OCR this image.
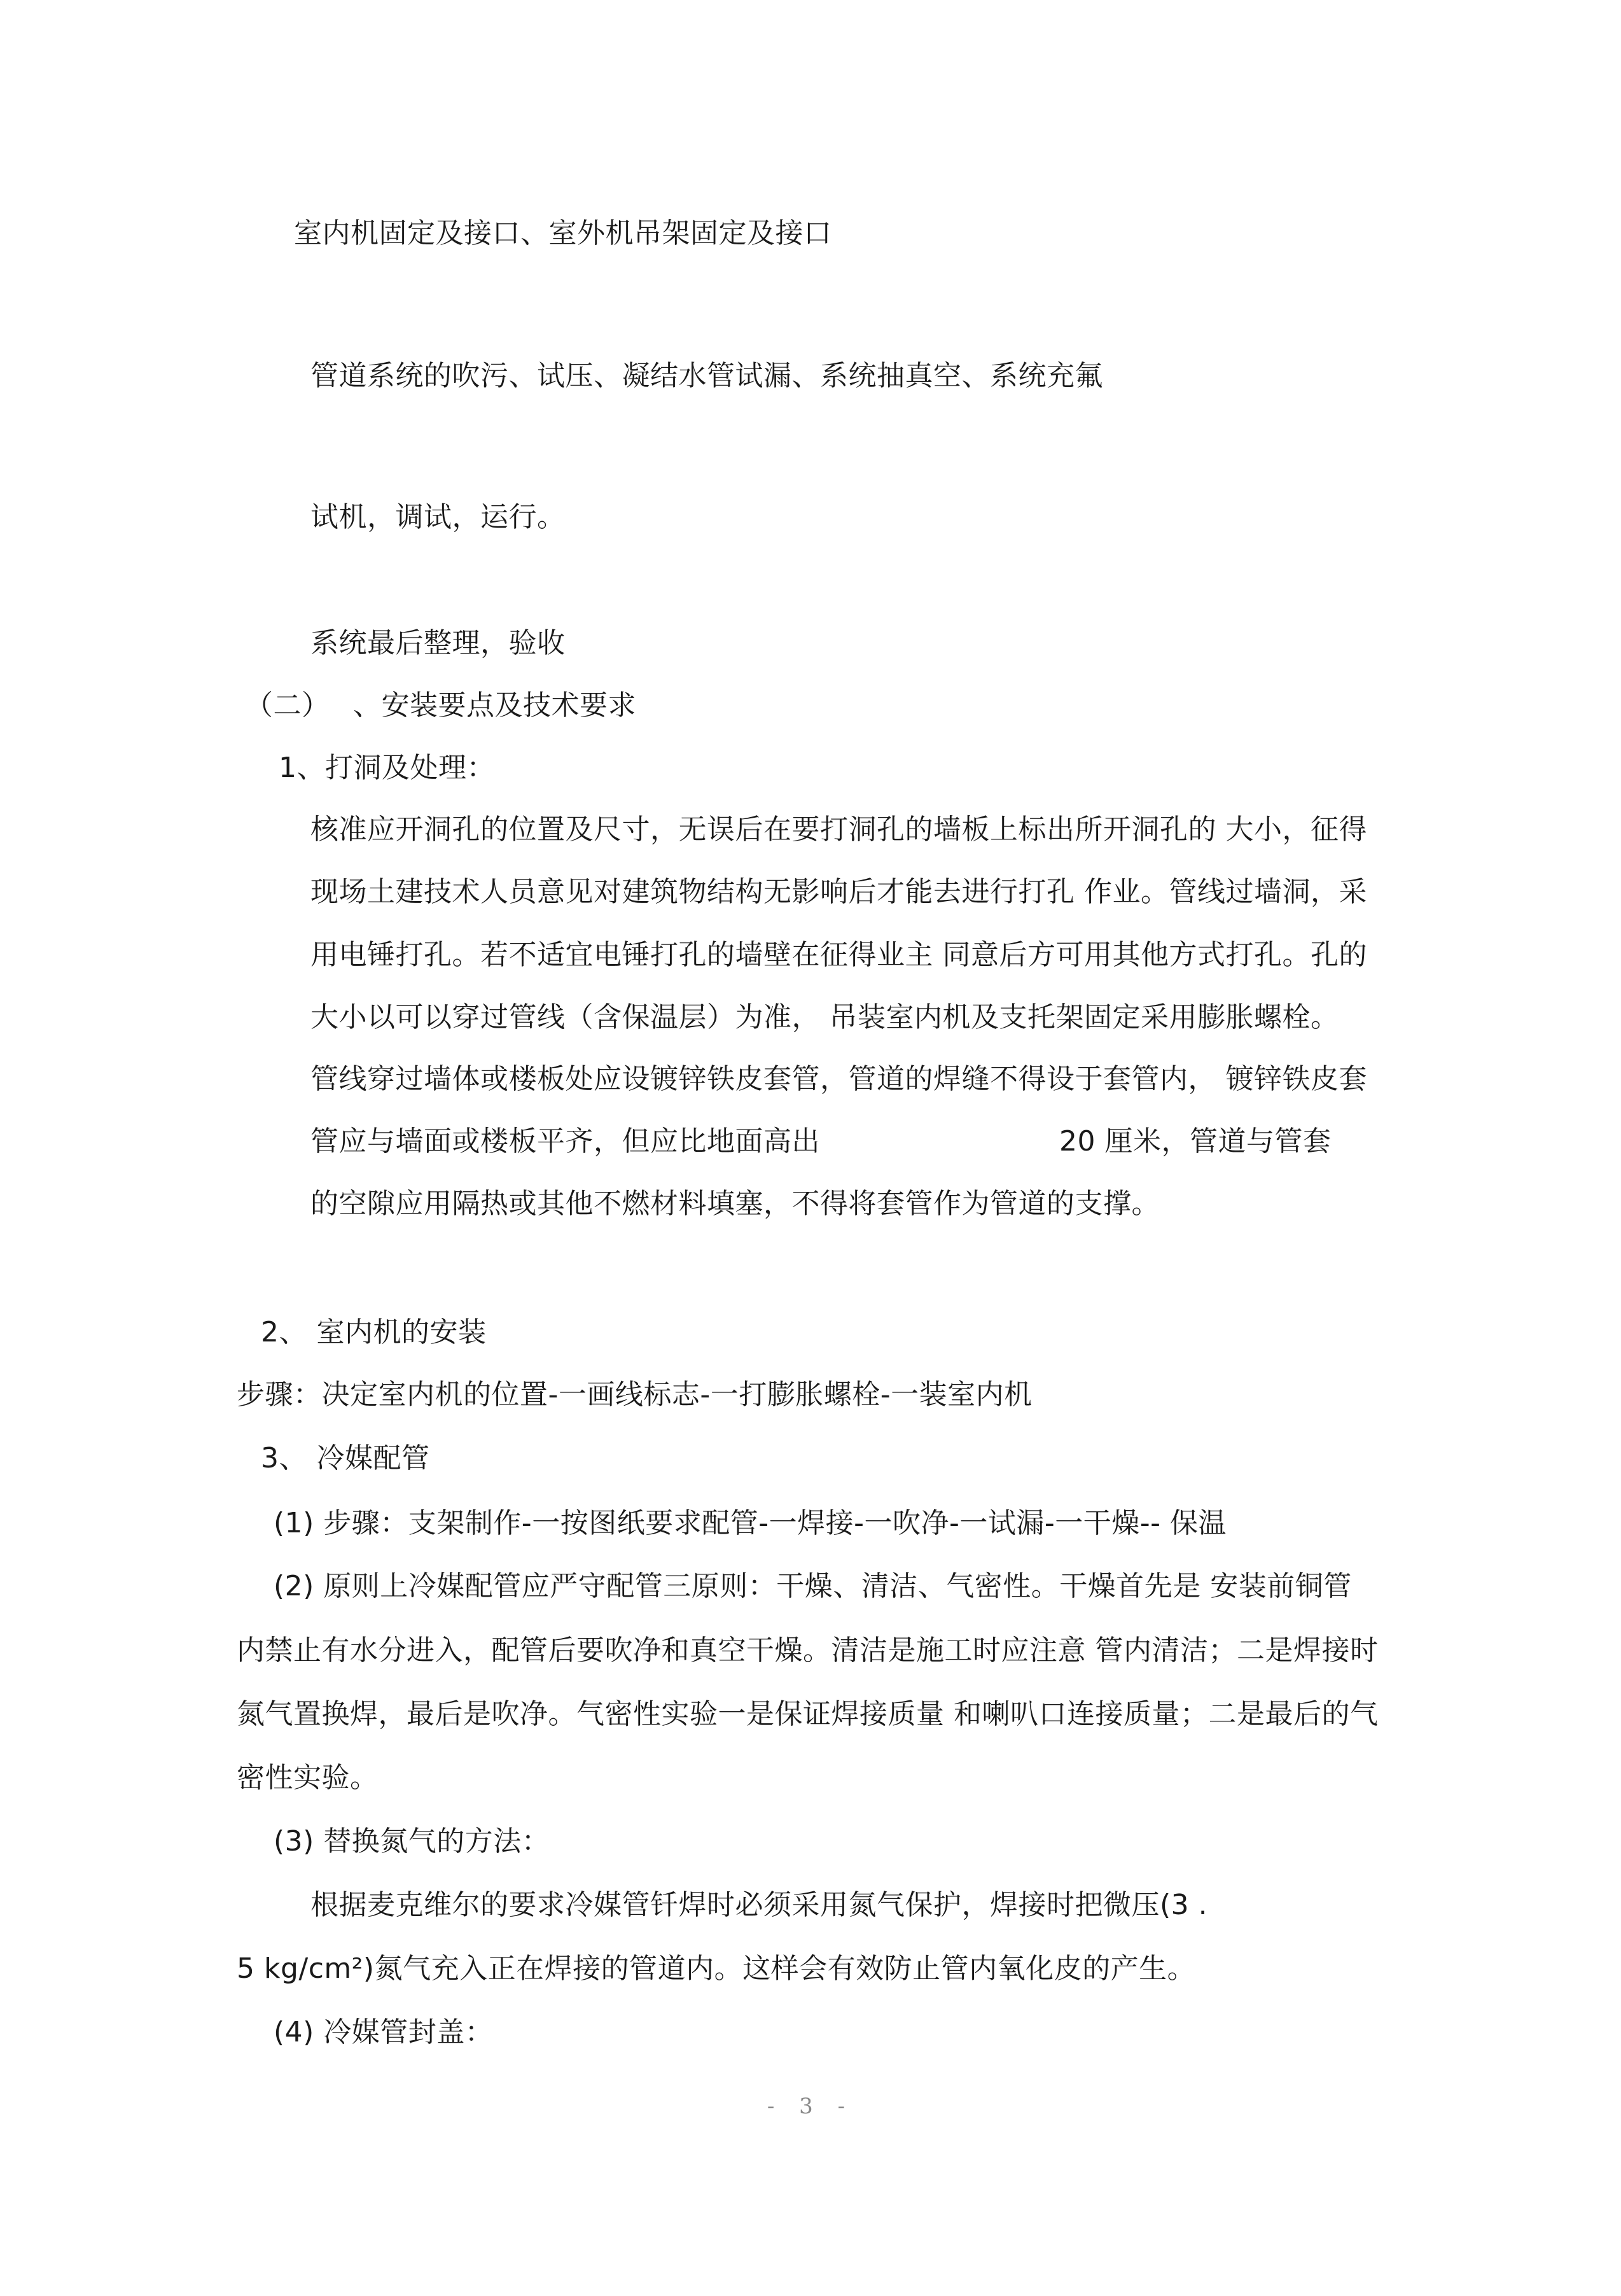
室内机固定及接口、室外机吊架固定及接口
管道系统的吹污、试压、凝结水管试漏、系统抽真空、系统充氟
试机，调试，运行。
系统最后整理，验收
（二） 、安装要点及技术要求
1、打洞及处理：
核准应开洞孔的位置及尺寸，无误后在要打洞孔的墙板上标出所开洞孔的 大小，征得
现场土建技术人员意见对建筑物结构无影响后才能去进行打孔 作业。管线过墙洞，采
用电锤打孔。若不适宜电锤打孔的墙壁在征得业主 同意后方可用其他方式打孔。孔的
大小以可以穿过管线（含保温层）为准， 吊装室内机及支托架固定采用膨胀螺栓。
管线穿过墙体或楼板处应设镀锌铁皮套管，管道的焊缝不得设于套管内， 镀锌铁皮套
管应与墙面或楼板平齐，但应比地面高出	20 厘米，管道与管套
的空隙应用隔热或其他不燃材料填塞，不得将套管作为管道的支撑。
2、 室内机的安装
步骤：决定室内机的位置-一画线标志-一打膨胀螺栓-一装室内机
3、 冷媒配管
(1) 步骤：支架制作-一按图纸要求配管-一焊接-一吹净-一试漏-一干燥-- 保温
(2) 原则上冷媒配管应严守配管三原则：干燥、清洁、气密性。干燥首先是 安装前铜管
内禁止有水分进入，配管后要吹净和真空干燥。清洁是施工时应注意 管内清洁；二是焊接时
氮气置换焊，最后是吹净。气密性实验一是保证焊接质量 和喇叭口连接质量；二是最后的气
密性实验。
(3) 替换氮气的方法：
根据麦克维尔的要求冷媒管钎焊时必须采用氮气保护，焊接时把微压(3 .
5 kg/cm²)氮气充入正在焊接的管道内。这样会有效防止管内氧化皮的产生。
(4) 冷媒管封盖：
- 3 -
